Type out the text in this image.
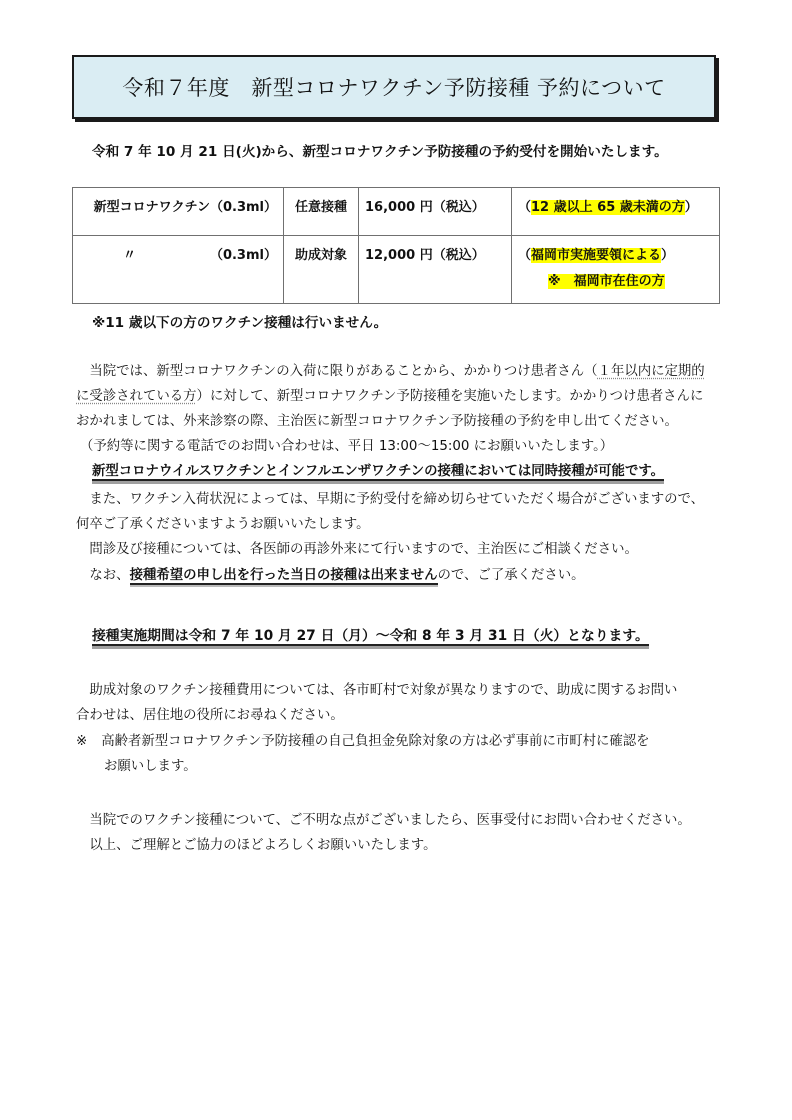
令和７年度　新型コロナワクチン予防接種 予約について
令和 7 年 10 月 21 日(火)から、新型コロナワクチン予防接種の予約受付を開始いたします。
新型コロナワクチン（0.3ml）	任意接種	16,000 円（税込）	（12 歳以上 65 歳未満の方）

〃 （0.3ml）	助成対象	12,000 円（税込）	（福岡市実施要領による）
※　福岡市在住の方
※11 歳以下の方のワクチン接種は行いません。
　当院では、新型コロナワクチンの入荷に限りがあることから、かかりつけ患者さん（１年以内に定期的
に受診されている方）に対して、新型コロナワクチン予防接種を実施いたします。かかりつけ患者さんに
おかれましては、外来診察の際、主治医に新型コロナワクチン予防接種の予約を申し出てください。
（予約等に関する電話でのお問い合わせは、平日 13:00～15:00 にお願いいたします。）
新型コロナウイルスワクチンとインフルエンザワクチンの接種においては同時接種が可能です。
　また、ワクチン入荷状況によっては、早期に予約受付を締め切らせていただく場合がございますので、
何卒ご了承くださいますようお願いいたします。
　問診及び接種については、各医師の再診外来にて行いますので、主治医にご相談ください。
　なお、接種希望の申し出を行った当日の接種は出来ませんので、ご了承ください。
接種実施期間は令和 7 年 10 月 27 日（月）～令和 8 年 3 月 31 日（火）となります。
　助成対象のワクチン接種費用については、各市町村で対象が異なりますので、助成に関するお問い
合わせは、居住地の役所にお尋ねください。
※ 高齢者新型コロナワクチン予防接種の自己負担金免除対象の方は必ず事前に市町村に確認を
お願いします。
　当院でのワクチン接種について、ご不明な点がございましたら、医事受付にお問い合わせください。
　以上、ご理解とご協力のほどよろしくお願いいたします。
